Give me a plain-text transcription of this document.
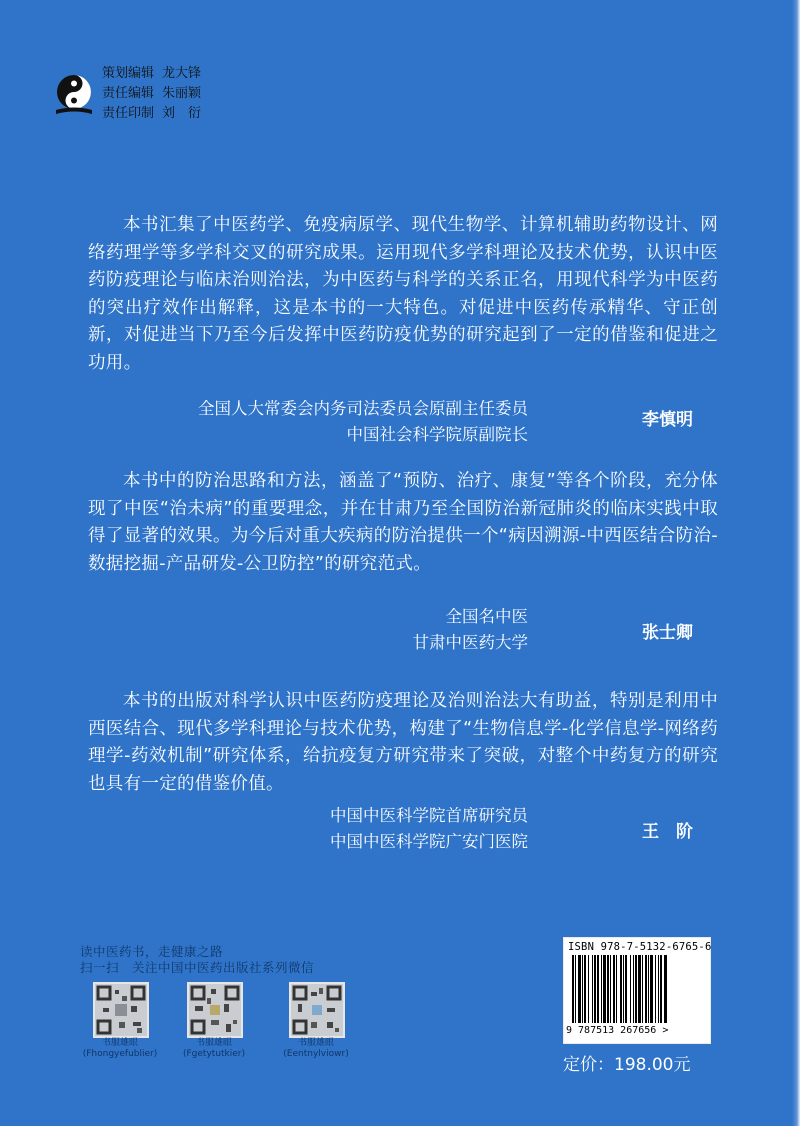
策划编辑 龙大锋
责任编辑 朱丽颖
责任印制 刘　衍

本书汇集了中医药学、免疫病原学、现代生物学、计算机辅助药物设计、网络药理学等多学科交叉的研究成果。运用现代多学科理论及技术优势，认识中医药防疫理论与临床治则治法，为中医药与科学的关系正名，用现代科学为中医药的突出疗效作出解释，这是本书的一大特色。对促进中医药传承精华、守正创新，对促进当下乃至今后发挥中医药防疫优势的研究起到了一定的借鉴和促进之功用。

全国人大常委会内务司法委员会原副主任委员
中国社会科学院原副院长
李慎明

本书中的防治思路和方法，涵盖了“预防、治疗、康复”等各个阶段，充分体现了中医“治未病”的重要理念，并在甘肃乃至全国防治新冠肺炎的临床实践中取得了显著的效果。为今后对重大疾病的防治提供一个“病因溯源-中西医结合防治-数据挖掘-产品研发-公卫防控”的研究范式。

全国名中医
甘肃中医药大学	张士卿

本书的出版对科学认识中医药防疫理论及治则治法大有助益，特别是利用中西医结合、现代多学科理论与技术优势，构建了“生物信息学-化学信息学-网络药理学-药效机制”研究体系，给抗疫复方研究带来了突破，对整个中药复方的研究也具有一定的借鉴价值。

中国中医科学院首席研究员
中国中医科学院广安门医院	王　阶
读中医药书，走健康之路
扫一扫　关注中国中医药出版社系列微信
书服雄眼
(Fhongyefublier)
书服雄眼
(Fgetytutkier)
书服雄眼
(Eentnylviowr)
ISBN 978-7-5132-6765-6
9 787513 267656 >
定价：198.00元
